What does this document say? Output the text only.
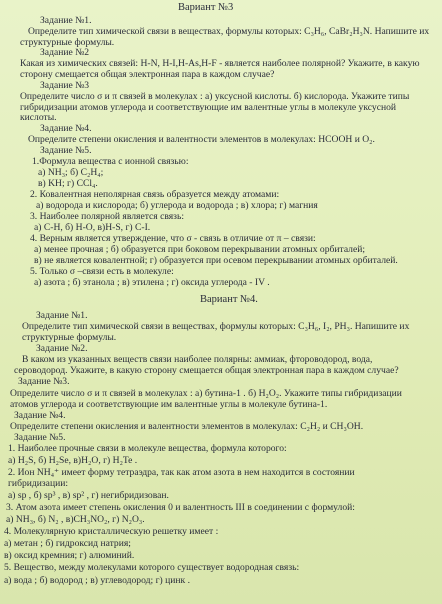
Вариант №3
Задание №1.
Определите тип химической связи в веществах, формулы которых: C₃H₆, CaBr₂H₃N. Напишите их
структурные формулы.
Задание №2
Какая из химических связей: H-N, H-I,H-As,H-F - является наиболее полярной? Укажите, в какую
сторону смещается общая электронная пара в каждом случае?
Задание №3
Определите число σ и π связей в молекулах : а) уксусной кислоты. б) кислорода. Укажите типы
гибридизации атомов углерода и соответствующие им валентные углы в молекуле уксусной
кислоты.
Задание №4.
Определите степени окисления и валентности элементов в молекулах: HCOOH и O₂.
Задание №5.
1.Формула вещества с ионной связью:
а) NH₃; б) C₂H₄;
в) KH; г) CCl₄.
2. Ковалентная неполярная связь образуется между атомами:
а) водорода и кислорода; б) углерода и водорода ; в) хлора; г) магния
3. Наиболее полярной является связь:
а) C-H, б) H-O, в)H-S, г) C-I.
4. Верным является утверждение, что σ - связь в отличие от π – связи:
а) менее прочная ; б) образуется при боковом перекрывании атомных орбиталей;
в) не является ковалентной; г) образуется при осевом перекрывании атомных орбиталей.
5. Только σ –связи есть в молекуле:
а) азота ; б) этанола ; в) этилена ; г) оксида углерода - IV .
Вариант №4.
Задание №1.
Определите тип химической связи в веществах, формулы которых: C₃H₆, I₂, PH₃. Напишите их
структурные формулы.
Задание №2.
В каком из указанных веществ связи наиболее полярны: аммиак, фтороводород, вода,
сероводород. Укажите, в какую сторону смещается общая электронная пара в каждом случае?
Задание №3.
Определите число σ и π связей в молекулах : а) бутина-1 . б) H₂O₂. Укажите типы гибридизации
атомов углерода и соответствующие им валентные углы в молекуле бутина-1.
Задание №4.
Определите степени окисления и валентности элементов в молекулах: C₂H₂ и CH₃OH.
Задание №5.
1. Наиболее прочные связи в молекуле вещества, формула которого:
а) H₂S, б) H₂Se, в)H₂O, г) H₂Te .
2. Ион NH₄⁺ имеет форму тетраэдра, так как атом азота в нем находится в состоянии
гибридизации:
а) sp , б) sp³ , в) sp² , г) негибридизован.
3. Атом азота имеет степень окисления 0 и валентность III в соединении с формулой:
а) NH₃, б) N₂ , в)CH₃NO₂, г) N₂O₃.
4. Молекулярную кристаллическую решетку имеет :
а) метан ; б) гидроксид натрия;
в) оксид кремния; г) алюминий.
5. Вещество, между молекулами которого существует водородная связь:
а) вода ; б) водород ; в) углеводород; г) цинк .
